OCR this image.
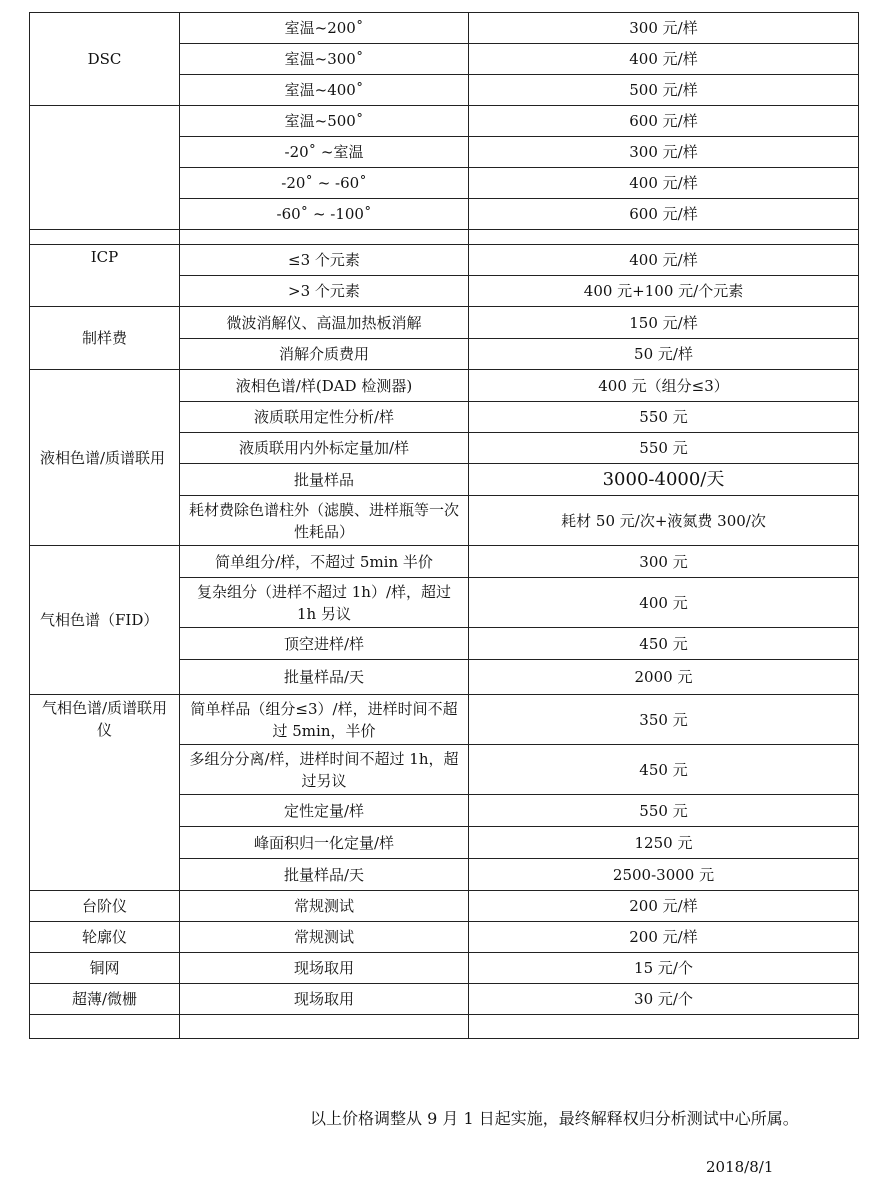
DSC	室温~200˚	300 元/样
	室温~300˚	400 元/样
	室温~400˚	500 元/样
	室温~500˚	600 元/样
	-20˚ ~室温	300 元/样
	-20˚ ~ -60˚	400 元/样
	-60˚ ~ -100˚	600 元/样

ICP	≤3 个元素	400 元/样
	>3 个元素	400 元+100 元/个元素
制样费	微波消解仪、高温加热板消解	150 元/样
	消解介质费用	50 元/样
液相色谱/质谱联用	液相色谱/样(DAD 检测器)	400 元（组分≤3）
	液质联用定性分析/样	550 元
	液质联用内外标定量加/样	550 元
	批量样品	3000-4000/天
	耗材费除色谱柱外（滤膜、进样瓶等一次性耗品）	耗材 50 元/次+液氮费 300/次
气相色谱（FID）	简单组分/样，不超过 5min 半价	300 元
	复杂组分（进样不超过 1h）/样，超过 1h 另议	400 元
	顶空进样/样	450 元
	批量样品/天	2000 元
气相色谱/质谱联用仪	简单样品（组分≤3）/样，进样时间不超过 5min，半价	350 元
	多组分分离/样，进样时间不超过 1h，超过另议	450 元
	定性定量/样	550 元
	峰面积归一化定量/样	1250 元
	批量样品/天	2500-3000 元
台阶仪	常规测试	200 元/样
轮廓仪	常规测试	200 元/样
铜网	现场取用	15 元/个
超薄/微栅	现场取用	30 元/个

以上价格调整从 9 月 1 日起实施，最终解释权归分析测试中心所属。
2018/8/1
